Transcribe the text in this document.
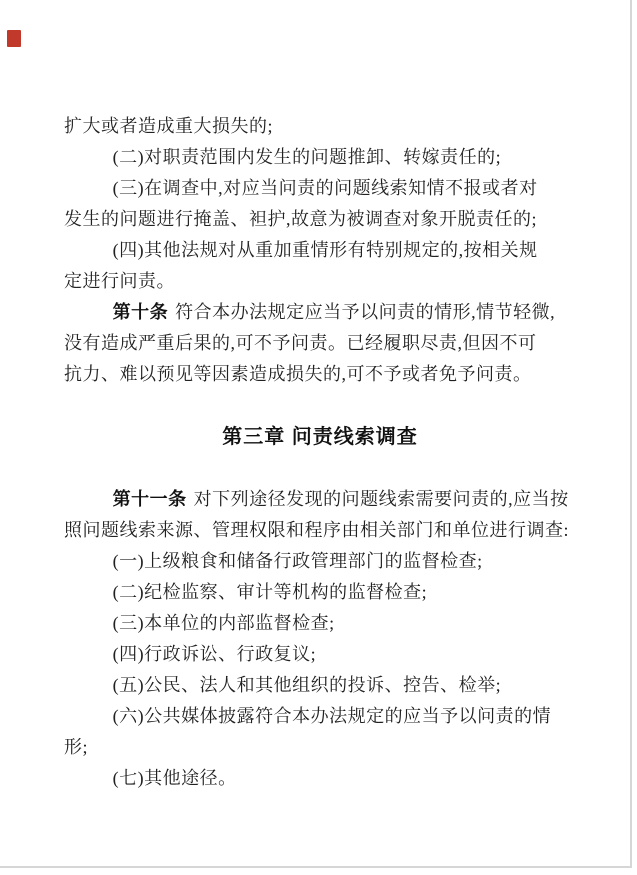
扩大或者造成重大损失的;
(二)对职责范围内发生的问题推卸、转嫁责任的;
(三)在调查中,对应当问责的问题线索知情不报或者对
发生的问题进行掩盖、袒护,故意为被调查对象开脱责任的;
(四)其他法规对从重加重情形有特别规定的,按相关规
定进行问责。
第十条 符合本办法规定应当予以问责的情形,情节轻微,
没有造成严重后果的,可不予问责。已经履职尽责,但因不可
抗力、难以预见等因素造成损失的,可不予或者免予问责。
第三章 问责线索调查
第十一条 对下列途径发现的问题线索需要问责的,应当按
照问题线索来源、管理权限和程序由相关部门和单位进行调查:
(一)上级粮食和储备行政管理部门的监督检查;
(二)纪检监察、审计等机构的监督检查;
(三)本单位的内部监督检查;
(四)行政诉讼、行政复议;
(五)公民、法人和其他组织的投诉、控告、检举;
(六)公共媒体披露符合本办法规定的应当予以问责的情
形;
(七)其他途径。
